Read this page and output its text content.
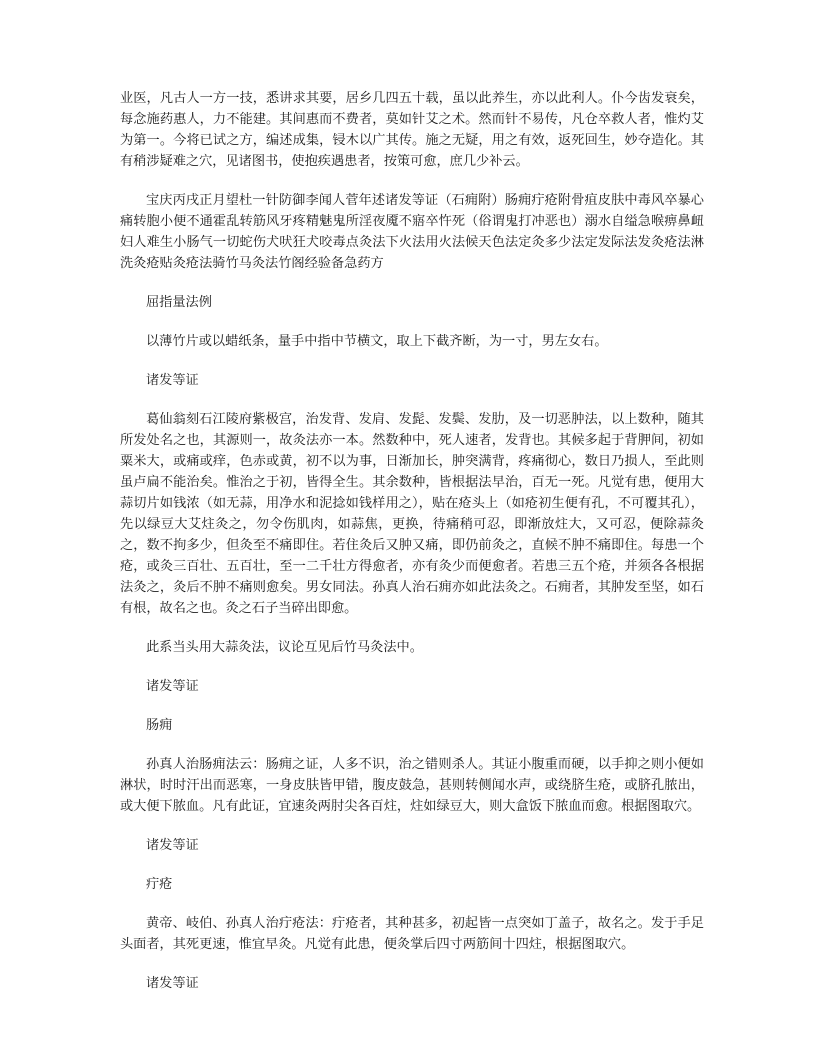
业医，凡古人一方一技，悉讲求其要，居乡几四五十载，虽以此养生，亦以此利人。仆今齿发衰矣，每念施药惠人，力不能建。其间惠而不费者，莫如针艾之术。然而针不易传，凡仓卒救人者，惟灼艾为第一。今将已试之方，编述成集，锓木以广其传。施之无疑，用之有效，返死回生，妙夺造化。其有稍涉疑难之穴，见诸图书，使抱疾遇患者，按策可愈，庶几少补云。

宝庆丙戌正月望杜一针防御李闻人菅年述诸发等证（石痈附）肠痈疔疮附骨疽皮肤中毒风卒暴心痛转胞小便不通霍乱转筋风牙疼精魅鬼所淫夜魇不寤卒忤死（俗谓鬼打冲恶也）溺水自缢急喉痹鼻衄妇人难生小肠气一切蛇伤犬吠狂犬咬毒点灸法下火法用火法候天色法定灸多少法定发际法发灸疮法淋洗灸疮贴灸疮法骑竹马灸法竹阁经验备急药方

屈指量法例

以薄竹片或以蜡纸条，量手中指中节横文，取上下截齐断，为一寸，男左女右。

诸发等证

葛仙翁刻石江陵府紫极宫，治发背、发肩、发髭、发鬓、发肋，及一切恶肿法，以上数种，随其所发处名之也，其源则一，故灸法亦一本。然数种中，死人速者，发背也。其候多起于背胛间，初如粟米大，或痛或痒，色赤或黄，初不以为事，日渐加长，肿突满背，疼痛彻心，数日乃损人，至此则虽卢扁不能治矣。惟治之于初，皆得全生。其余数种，皆根据法早治，百无一死。凡觉有患，便用大蒜切片如钱浓（如无蒜，用净水和泥捻如钱样用之），贴在疮头上（如疮初生便有孔，不可覆其孔），先以绿豆大艾炷灸之，勿令伤肌肉，如蒜焦，更换，待痛稍可忍，即渐放炷大，又可忍，便除蒜灸之，数不拘多少，但灸至不痛即住。若住灸后又肿又痛，即仍前灸之，直候不肿不痛即住。每患一个疮，或灸三百壮、五百壮，至一二千壮方得愈者，亦有灸少而便愈者。若患三五个疮，并须各各根据法灸之，灸后不肿不痛则愈矣。男女同法。孙真人治石痈亦如此法灸之。石痈者，其肿发至坚，如石有根，故名之也。灸之石子当碎出即愈。

此系当头用大蒜灸法，议论互见后竹马灸法中。

诸发等证

肠痈

孙真人治肠痈法云：肠痈之证，人多不识，治之错则杀人。其证小腹重而硬，以手抑之则小便如淋状，时时汗出而恶寒，一身皮肤皆甲错，腹皮鼓急，甚则转侧闻水声，或绕脐生疮，或脐孔脓出，或大便下脓血。凡有此证，宜速灸两肘尖各百炷，炷如绿豆大，则大盒饭下脓血而愈。根据图取穴。

诸发等证

疔疮

黄帝、岐伯、孙真人治疔疮法：疔疮者，其种甚多，初起皆一点突如丁盖子，故名之。发于手足头面者，其死更速，惟宜早灸。凡觉有此患，便灸掌后四寸两筋间十四炷，根据图取穴。

诸发等证
